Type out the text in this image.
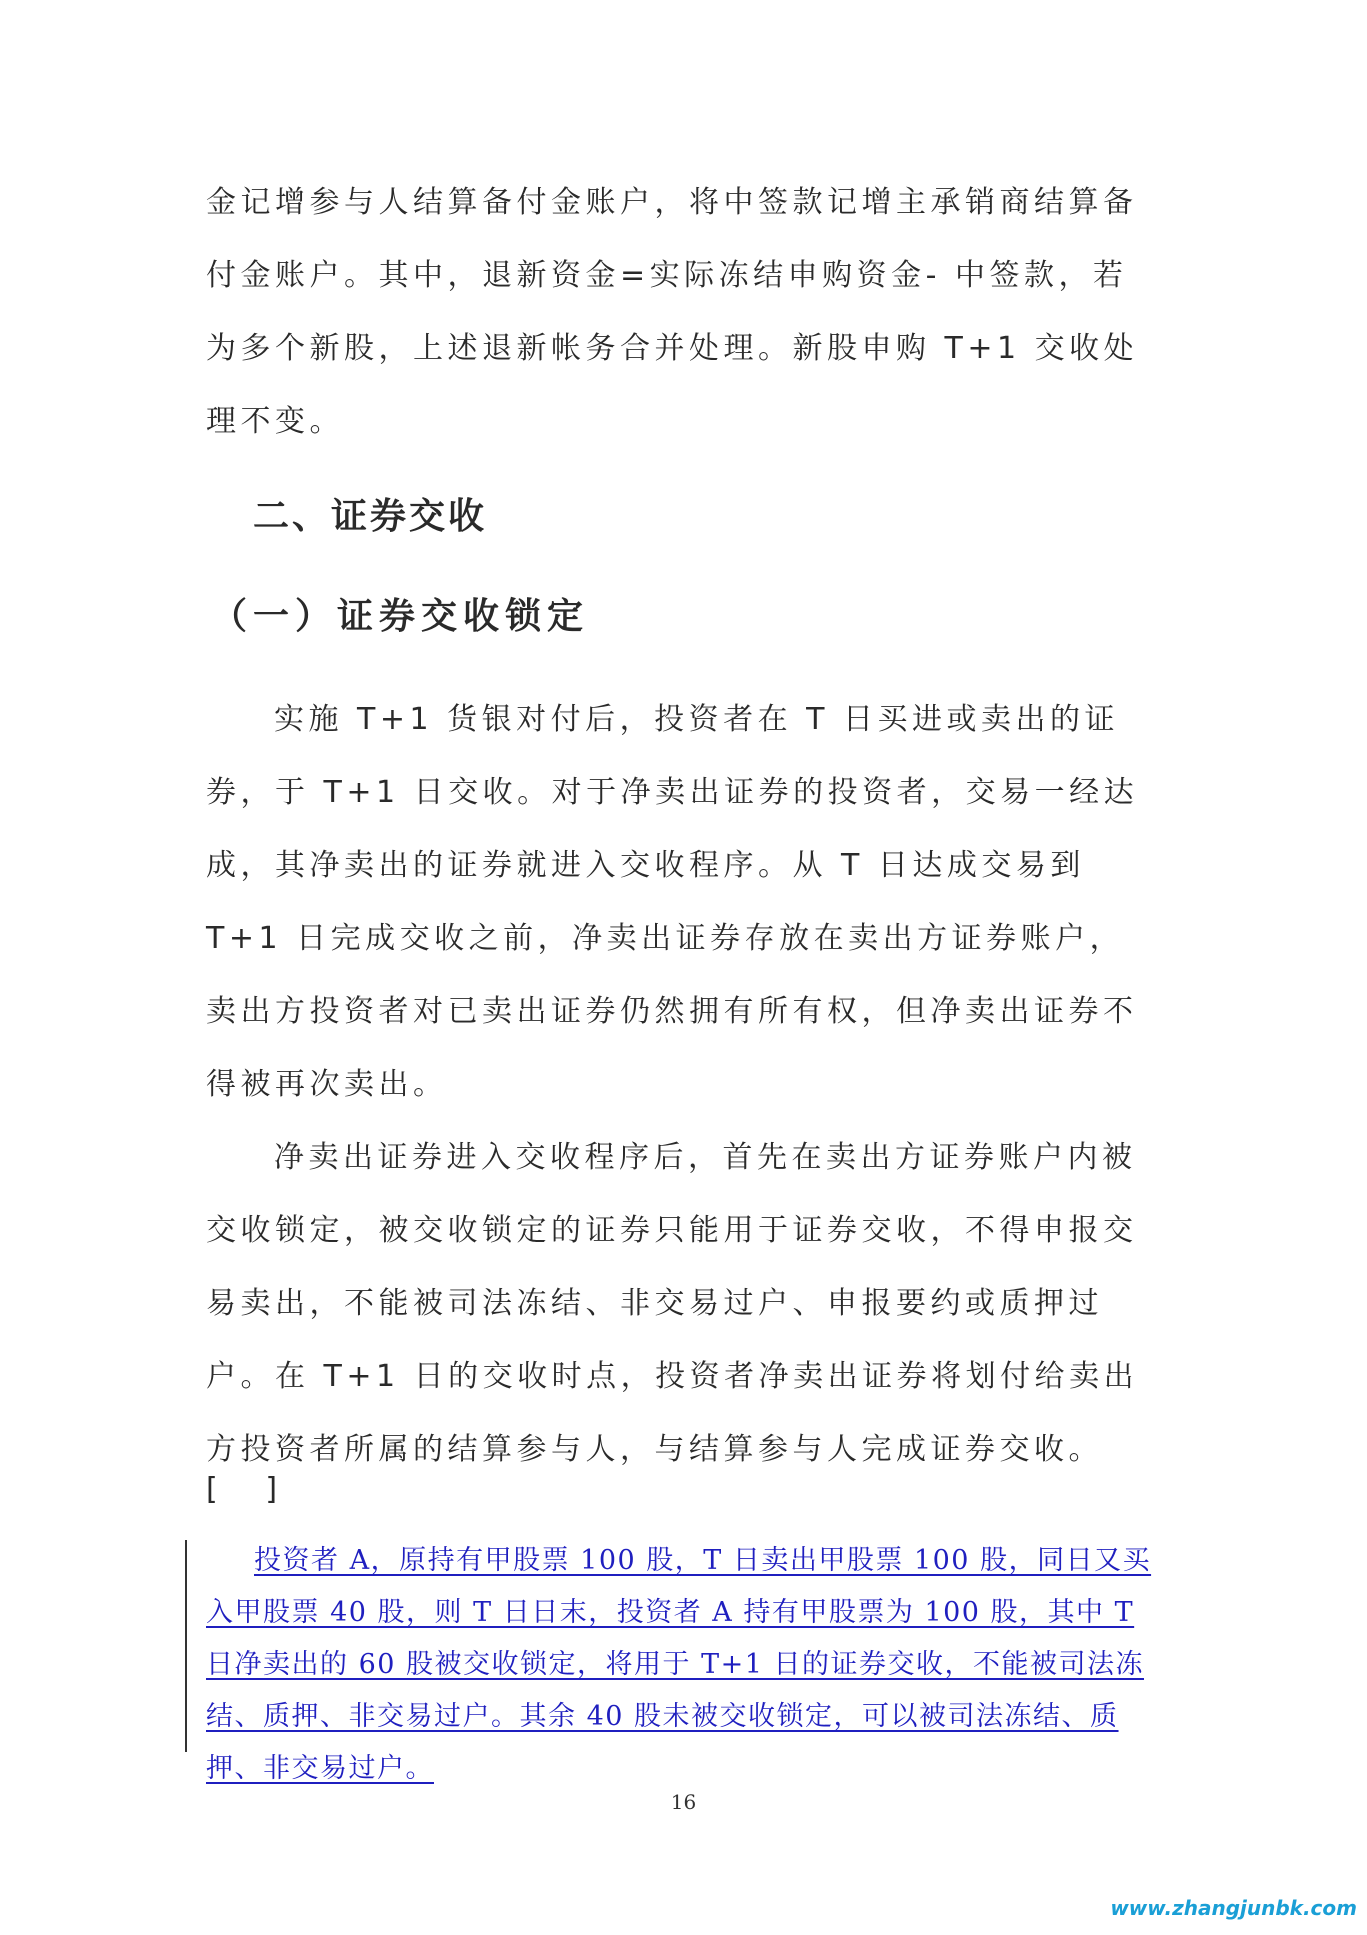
金记增参与人结算备付金账户，将中签款记增主承销商结算备付金账户。其中，退新资金=实际冻结申购资金- 中签款，若为多个新股，上述退新帐务合并处理。新股申购 T+1 交收处理不变。

二、证券交收
（一）证券交收锁定

实施 T+1 货银对付后，投资者在 T 日买进或卖出的证券，于 T+1 日交收。对于净卖出证券的投资者，交易一经达成，其净卖出的证券就进入交收程序。从 T 日达成交易到 T+1 日完成交收之前，净卖出证券存放在卖出方证券账户，卖出方投资者对已卖出证券仍然拥有所有权，但净卖出证券不得被再次卖出。

净卖出证券进入交收程序后，首先在卖出方证券账户内被交收锁定，被交收锁定的证券只能用于证券交收，不得申报交易卖出，不能被司法冻结、非交易过户、申报要约或质押过户。在 T+1 日的交收时点，投资者净卖出证券将划付给卖出方投资者所属的结算参与人，与结算参与人完成证券交收。

[     ]

投资者 A，原持有甲股票 100 股，T 日卖出甲股票 100 股，同日又买入甲股票 40 股，则 T 日日末，投资者 A 持有甲股票为 100 股，其中 T 日净卖出的 60 股被交收锁定，将用于 T+1 日的证券交收，不能被司法冻结、质押、非交易过户。其余 40 股未被交收锁定，可以被司法冻结、质押、非交易过户。

16

www.zhangjunbk.com
